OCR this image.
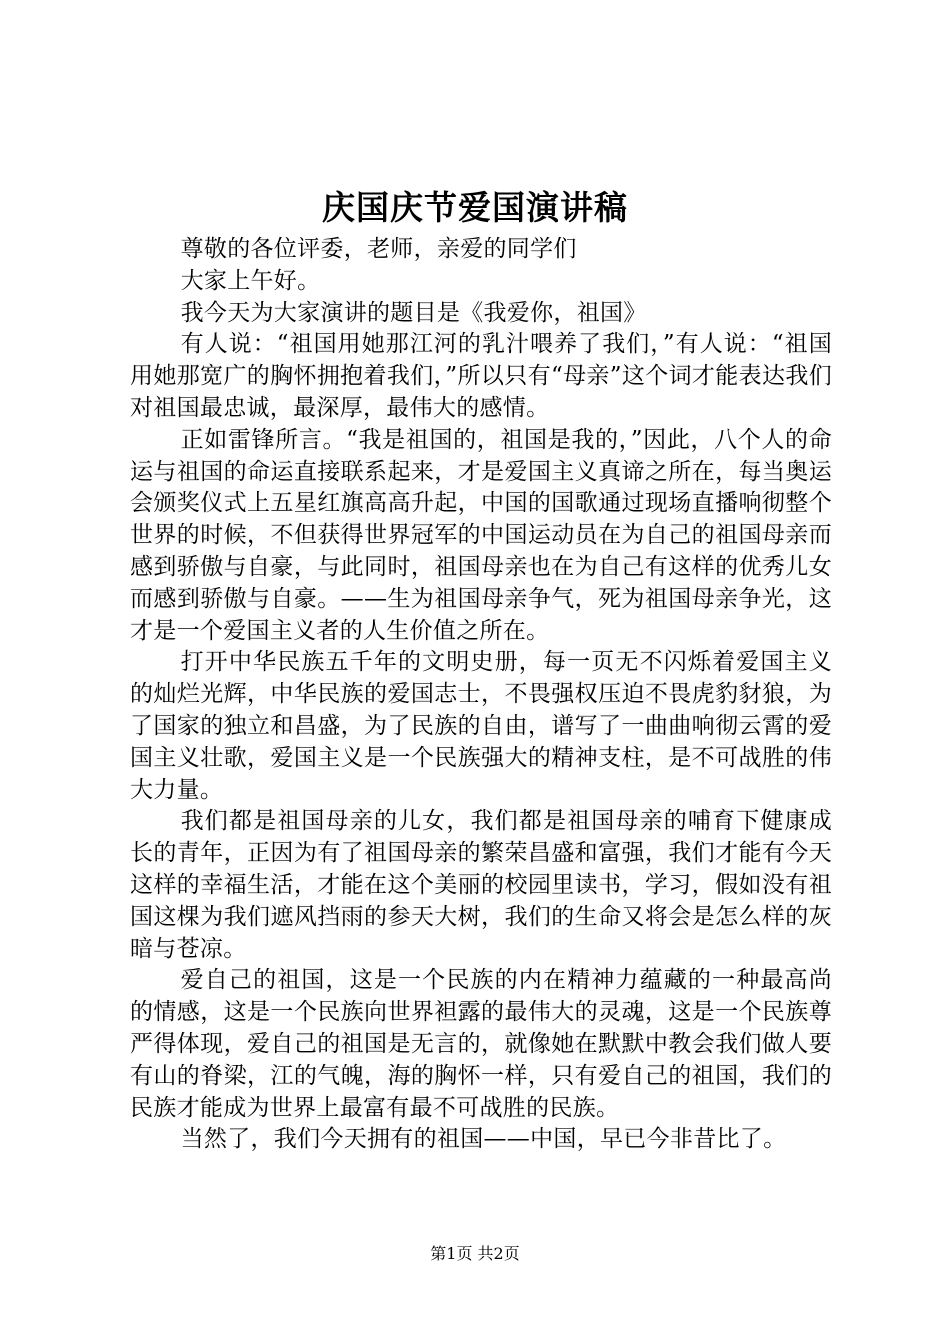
庆国庆节爱国演讲稿

尊敬的各位评委，老师，亲爱的同学们

大家上午好。

我今天为大家演讲的题目是《我爱你，祖国》

有人说：“祖国用她那江河的乳汁喂养了我们，”有人说：“祖国用她那宽广的胸怀拥抱着我们，”所以只有“母亲”这个词才能表达我们对祖国最忠诚，最深厚，最伟大的感情。

正如雷锋所言。“我是祖国的，祖国是我的，”因此，八个人的命运与祖国的命运直接联系起来，才是爱国主义真谛之所在，每当奥运会颁奖仪式上五星红旗高高升起，中国的国歌通过现场直播响彻整个世界的时候，不但获得世界冠军的中国运动员在为自己的祖国母亲而感到骄傲与自豪，与此同时，祖国母亲也在为自己有这样的优秀儿女而感到骄傲与自豪。——生为祖国母亲争气，死为祖国母亲争光，这才是一个爱国主义者的人生价值之所在。

打开中华民族五千年的文明史册，每一页无不闪烁着爱国主义的灿烂光辉，中华民族的爱国志士，不畏强权压迫不畏虎豹豺狼，为了国家的独立和昌盛，为了民族的自由，谱写了一曲曲响彻云霄的爱国主义壮歌，爱国主义是一个民族强大的精神支柱，是不可战胜的伟大力量。

我们都是祖国母亲的儿女，我们都是祖国母亲的哺育下健康成长的青年，正因为有了祖国母亲的繁荣昌盛和富强，我们才能有今天这样的幸福生活，才能在这个美丽的校园里读书，学习，假如没有祖国这棵为我们遮风挡雨的参天大树，我们的生命又将会是怎么样的灰暗与苍凉。

爱自己的祖国，这是一个民族的内在精神力蕴藏的一种最高尚的情感，这是一个民族向世界袒露的最伟大的灵魂，这是一个民族尊严得体现，爱自己的祖国是无言的，就像她在默默中教会我们做人要有山的脊梁，江的气魄，海的胸怀一样，只有爱自己的祖国，我们的民族才能成为世界上最富有最不可战胜的民族。

当然了，我们今天拥有的祖国——中国，早已今非昔比了。

第1页 共2页
